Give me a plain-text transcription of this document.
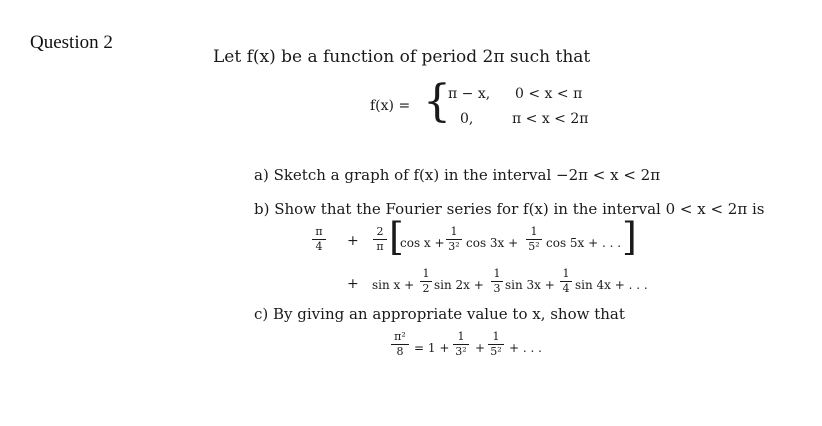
Question 2
Let f(x) be a function of period 2π such that
f(x) = {
π − x, 0 < x < π
0,	π < x < 2π
a) Sketch a graph of f(x) in the interval −2π < x < 2π
b) Show that the Fourier series for f(x) in the interval 0 < x < 2π is
π
4 +
2
π [
cos x +
1
3² cos 3x +
1
5² cos 5x + . . . ]
+ sin x +
1
2 sin 2x +
1
3 sin 3x +
1
4 sin 4x + . . .
c) By giving an appropriate value to x, show that
π²
8 = 1 +
1
3² +
1
5² + . . .
